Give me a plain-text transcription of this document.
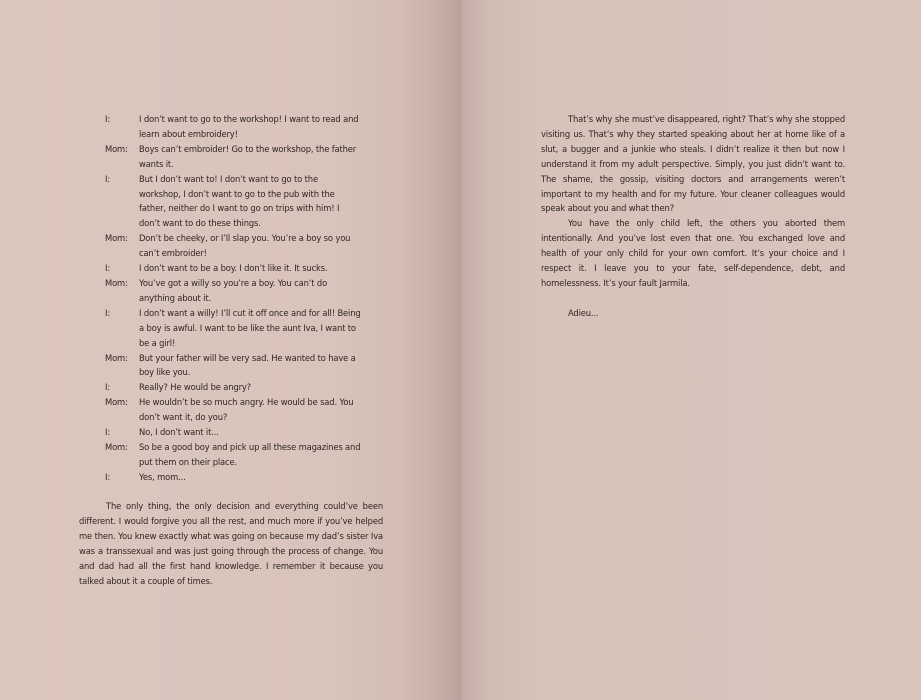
I:	I don’t want to go to the workshop! I want to read and learn about embroidery!
Mom:	Boys can’t embroider! Go to the workshop, the father wants it.
I:	But I don’t want to! I don’t want to go to the workshop, I don’t want to go to the pub with the father, neither do I want to go on trips with him! I don’t want to do these things.
Mom:	Don’t be cheeky, or I’ll slap you. You’re a boy so you can’t embroider!
I:	I don’t want to be a boy. I don’t like it. It sucks.
Mom:	You’ve got a willy so you’re a boy. You can’t do anything about it.
I:	I don’t want a willy! I’ll cut it off once and for all! Being a boy is awful. I want to be like the aunt Iva, I want to be a girl!
Mom:	But your father will be very sad. He wanted to have a boy like you.
I:	Really? He would be angry?
Mom:	He wouldn’t be so much angry. He would be sad. You don’t want it, do you?
I:	No, I don’t want it...
Mom:	So be a good boy and pick up all these magazines and put them on their place.
I:	Yes, mom...

The only thing, the only decision and everything could’ve been different. I would forgive you all the rest, and much more if you’ve helped me then. You knew exactly what was going on because my dad’s sister Iva was a transsexual and was just going through the process of change. You and dad had all the first hand knowledge. I remember it because you talked about it a couple of times.

That’s why she must’ve disappeared, right? That’s why she stopped visiting us. That’s why they started speaking about her at home like of a slut, a bugger and a junkie who steals. I didn’t realize it then but now I understand it from my adult perspective. Simply, you just didn’t want to. The shame, the gossip, visiting doctors and arrangements weren’t important to my health and for my future. Your cleaner colleagues would speak about you and what then?

You have the only child left, the others you aborted them intentionally. And you’ve lost even that one. You exchanged love and health of your only child for your own comfort. It’s your choice and I respect it. I leave you to your fate, self-dependence, debt, and homelessness. It’s your fault Jarmila.

Adieu...
